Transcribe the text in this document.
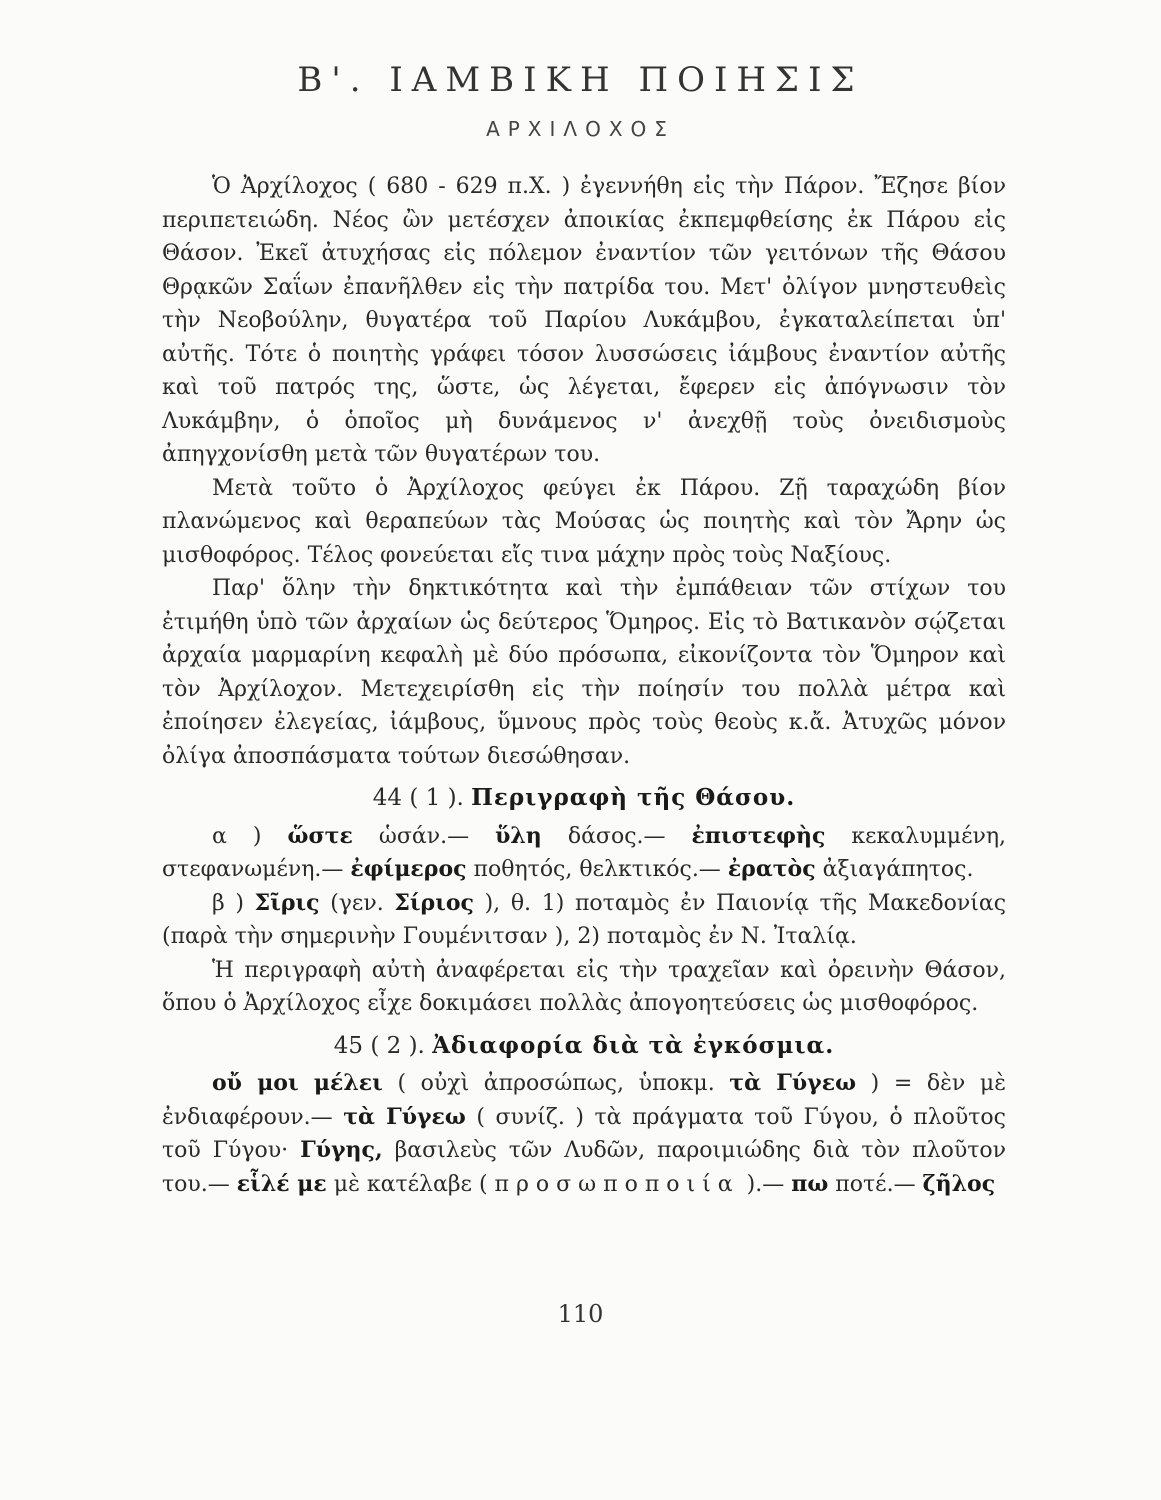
Β'. ΙΑΜΒΙΚΗ ΠΟΙΗΣΙΣ
ΑΡΧΙΛΟΧΟΣ

Ὁ Ἀρχίλοχος ( 680 - 629 π.Χ. ) ἐγεννήθη εἰς τὴν Πάρον. Ἔζησε βίον περιπετειώδη. Νέος ὢν μετέσχεν ἀποικίας ἐκπεμφθείσης ἐκ Πάρου εἰς Θάσον. Ἐκεῖ ἀτυχήσας εἰς πόλεμον ἐναντίον τῶν γειτόνων τῆς Θάσου Θρᾳκῶν Σαΐων ἐπανῆλθεν εἰς τὴν πατρίδα του. Μετ' ὀλίγον μνηστευθεὶς τὴν Νεοβούλην, θυγατέρα τοῦ Παρίου Λυκάμβου, ἐγκαταλείπεται ὑπ' αὐτῆς. Τότε ὁ ποιητὴς γράφει τόσον λυσσώσεις ἰάμβους ἐναντίον αὐτῆς καὶ τοῦ πατρός της, ὥστε, ὡς λέγεται, ἔφερεν εἰς ἀπόγνωσιν τὸν Λυκάμβην, ὁ ὁποῖος μὴ δυνάμενος ν' ἀνεχθῇ τοὺς ὀνειδισμοὺς ἀπηγχονίσθη μετὰ τῶν θυγατέρων του.

Μετὰ τοῦτο ὁ Ἀρχίλοχος φεύγει ἐκ Πάρου. Ζῇ ταραχώδη βίον πλανώμενος καὶ θεραπεύων τὰς Μούσας ὡς ποιητὴς καὶ τὸν Ἄρην ὡς μισθοφόρος. Τέλος φονεύεται εἴς τινα μάχην πρὸς τοὺς Ναξίους.

Παρ' ὅλην τὴν δηκτικότητα καὶ τὴν ἐμπάθειαν τῶν στίχων του ἐτιμήθη ὑπὸ τῶν ἀρχαίων ὡς δεύτερος Ὅμηρος. Εἰς τὸ Βατικανὸν σῴζεται ἀρχαία μαρμαρίνη κεφαλὴ μὲ δύο πρόσωπα, εἰκονίζοντα τὸν Ὅμηρον καὶ τὸν Ἀρχίλοχον. Μετεχειρίσθη εἰς τὴν ποίησίν του πολλὰ μέτρα καὶ ἐποίησεν ἐλεγείας, ἰάμβους, ὕμνους πρὸς τοὺς θεοὺς κ.ἄ. Ἀτυχῶς μόνον ὀλίγα ἀποσπάσματα τούτων διεσώθησαν.

44 ( 1 ). Περιγραφὴ τῆς Θάσου.

α ) ὥστε ὡσάν.— ὕλη δάσος.— ἐπιστεφὴς κεκαλυμμένη, στεφανωμένη.— ἐφίμερος ποθητός, θελκτικός.— ἐρατὸς ἀξιαγάπητος.

β ) Σῖρις (γεν. Σίριος ), θ. 1) ποταμὸς ἐν Παιονίᾳ τῆς Μακεδονίας (παρὰ τὴν σημερινὴν Γουμένιτσαν ), 2) ποταμὸς ἐν Ν. Ἰταλίᾳ.

Ἡ περιγραφὴ αὐτὴ ἀναφέρεται εἰς τὴν τραχεῖαν καὶ ὀρεινὴν Θάσον, ὅπου ὁ Ἀρχίλοχος εἶχε δοκιμάσει πολλὰς ἀπογοητεύσεις ὡς μισθοφόρος.

45 ( 2 ). Ἀδιαφορία διὰ τὰ ἐγκόσμια.

οὔ μοι μέλει ( οὐχὶ ἀπροσώπως, ὑποκμ. τὰ Γύγεω ) = δὲν μὲ ἐνδιαφέρουν.— τὰ Γύγεω ( συνίζ. ) τὰ πράγματα τοῦ Γύγου, ὁ πλοῦτος τοῦ Γύγου· Γύγης, βασιλεὺς τῶν Λυδῶν, παροιμιώδης διὰ τὸν πλοῦτον του.— εἷλέ με μὲ κατέλαβε ( προσωποποιία ).— πω ποτέ.— ζῆλος

110
